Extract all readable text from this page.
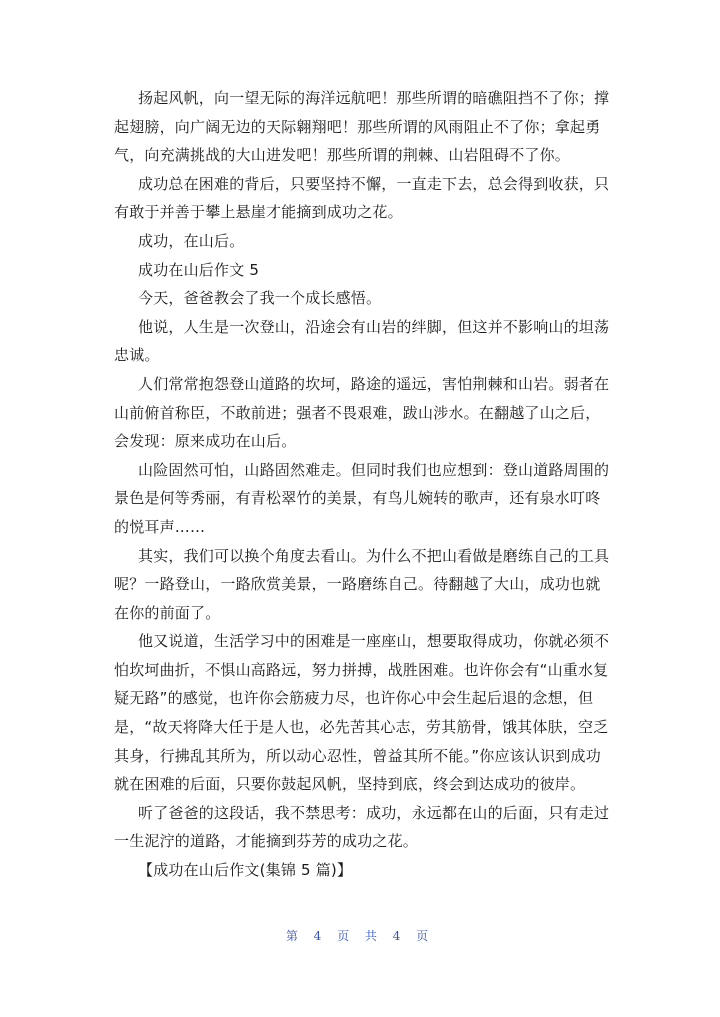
扬起风帆，向一望无际的海洋远航吧！那些所谓的暗礁阻挡不了你；撑起翅膀，向广阔无边的天际翱翔吧！那些所谓的风雨阻止不了你；拿起勇气，向充满挑战的大山进发吧！那些所谓的荆棘、山岩阻碍不了你。

成功总在困难的背后，只要坚持不懈，一直走下去，总会得到收获，只有敢于并善于攀上悬崖才能摘到成功之花。

成功，在山后。

成功在山后作文 5

今天，爸爸教会了我一个成长感悟。

他说，人生是一次登山，沿途会有山岩的绊脚，但这并不影响山的坦荡忠诚。

人们常常抱怨登山道路的坎坷，路途的遥远，害怕荆棘和山岩。弱者在山前俯首称臣，不敢前进；强者不畏艰难，跋山涉水。在翻越了山之后，会发现：原来成功在山后。

山险固然可怕，山路固然难走。但同时我们也应想到：登山道路周围的景色是何等秀丽，有青松翠竹的美景，有鸟儿婉转的歌声，还有泉水叮咚的悦耳声……

其实，我们可以换个角度去看山。为什么不把山看做是磨练自己的工具呢？一路登山，一路欣赏美景，一路磨练自己。待翻越了大山，成功也就在你的前面了。

他又说道，生活学习中的困难是一座座山，想要取得成功，你就必须不怕坎坷曲折，不惧山高路远，努力拼搏，战胜困难。也许你会有“山重水复疑无路”的感觉，也许你会筋疲力尽，也许你心中会生起后退的念想，但是，“故天将降大任于是人也，必先苦其心志，劳其筋骨，饿其体肤，空乏其身，行拂乱其所为，所以动心忍性，曾益其所不能。”你应该认识到成功就在困难的后面，只要你鼓起风帆，坚持到底，终会到达成功的彼岸。

听了爸爸的这段话，我不禁思考：成功，永远都在山的后面，只有走过一生泥泞的道路，才能摘到芬芳的成功之花。

【成功在山后作文(集锦 5 篇)】

第 4 页 共 4 页
